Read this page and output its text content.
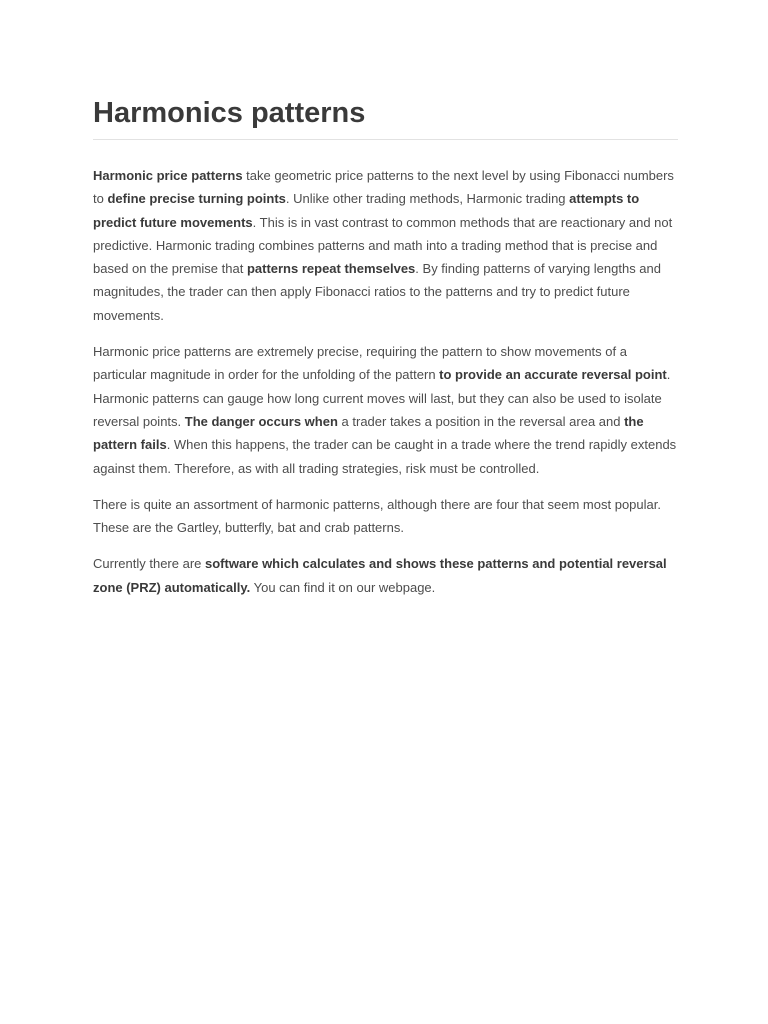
Harmonics patterns

Harmonic price patterns take geometric price patterns to the next level by using Fibonacci numbers to define precise turning points. Unlike other trading methods, Harmonic trading attempts to predict future movements. This is in vast contrast to common methods that are reactionary and not predictive. Harmonic trading combines patterns and math into a trading method that is precise and based on the premise that patterns repeat themselves. By finding patterns of varying lengths and magnitudes, the trader can then apply Fibonacci ratios to the patterns and try to predict future movements.

Harmonic price patterns are extremely precise, requiring the pattern to show movements of a particular magnitude in order for the unfolding of the pattern to provide an accurate reversal point. Harmonic patterns can gauge how long current moves will last, but they can also be used to isolate reversal points. The danger occurs when a trader takes a position in the reversal area and the pattern fails. When this happens, the trader can be caught in a trade where the trend rapidly extends against them. Therefore, as with all trading strategies, risk must be controlled.

There is quite an assortment of harmonic patterns, although there are four that seem most popular. These are the Gartley, butterfly, bat and crab patterns.

Currently there are software which calculates and shows these patterns and potential reversal zone (PRZ) automatically. You can find it on our webpage.
